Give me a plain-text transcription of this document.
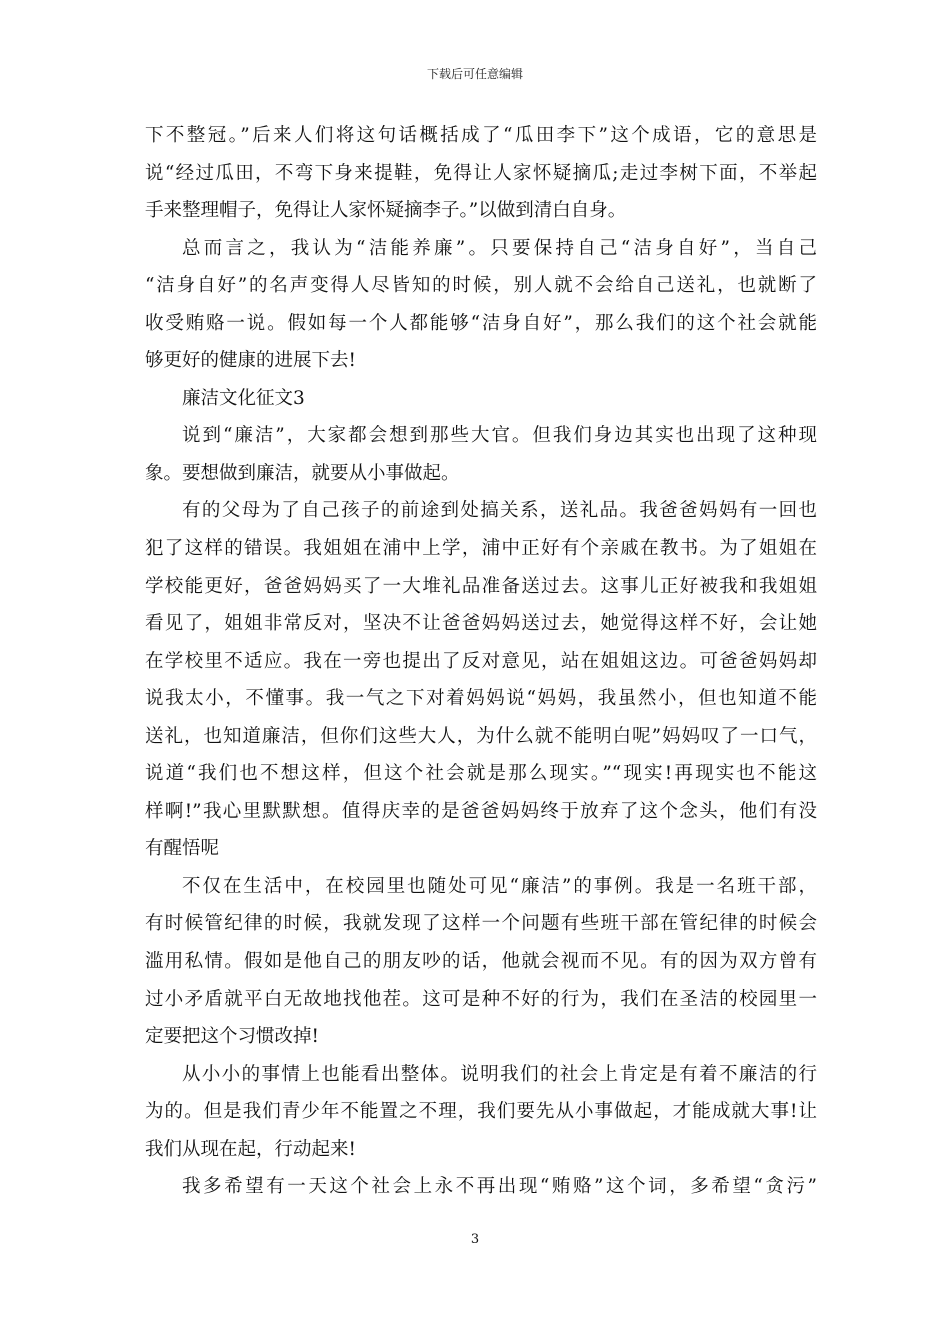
下载后可任意编辑
下不整冠。”后来人们将这句话概括成了“瓜田李下”这个成语，它的意思是
说“经过瓜田，不弯下身来提鞋，免得让人家怀疑摘瓜;走过李树下面，不举起
手来整理帽子，免得让人家怀疑摘李子。”以做到清白自身。
总而言之，我认为“洁能养廉”。只要保持自己“洁身自好”，当自己
“洁身自好”的名声变得人尽皆知的时候，别人就不会给自己送礼，也就断了
收受贿赂一说。假如每一个人都能够“洁身自好”，那么我们的这个社会就能
够更好的健康的进展下去!
廉洁文化征文3
说到“廉洁”，大家都会想到那些大官。但我们身边其实也出现了这种现
象。要想做到廉洁，就要从小事做起。
有的父母为了自己孩子的前途到处搞关系，送礼品。我爸爸妈妈有一回也
犯了这样的错误。我姐姐在浦中上学，浦中正好有个亲戚在教书。为了姐姐在
学校能更好，爸爸妈妈买了一大堆礼品准备送过去。这事儿正好被我和我姐姐
看见了，姐姐非常反对，坚决不让爸爸妈妈送过去，她觉得这样不好，会让她
在学校里不适应。我在一旁也提出了反对意见，站在姐姐这边。可爸爸妈妈却
说我太小，不懂事。我一气之下对着妈妈说“妈妈，我虽然小，但也知道不能
送礼，也知道廉洁，但你们这些大人，为什么就不能明白呢”妈妈叹了一口气，
说道“我们也不想这样，但这个社会就是那么现实。”“现实!再现实也不能这
样啊!”我心里默默想。值得庆幸的是爸爸妈妈终于放弃了这个念头，他们有没
有醒悟呢
不仅在生活中，在校园里也随处可见“廉洁”的事例。我是一名班干部，
有时候管纪律的时候，我就发现了这样一个问题有些班干部在管纪律的时候会
滥用私情。假如是他自己的朋友吵的话，他就会视而不见。有的因为双方曾有
过小矛盾就平白无故地找他茬。这可是种不好的行为，我们在圣洁的校园里一
定要把这个习惯改掉!
从小小的事情上也能看出整体。说明我们的社会上肯定是有着不廉洁的行
为的。但是我们青少年不能置之不理，我们要先从小事做起，才能成就大事!让
我们从现在起，行动起来!
我多希望有一天这个社会上永不再出现“贿赂”这个词，多希望“贪污”
3
